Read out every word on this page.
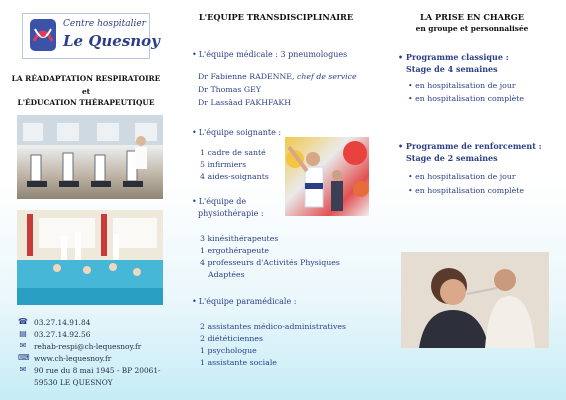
Centre hospitalier
Le Quesnoy
LA RÉADAPTATION RESPIRATOIRE
et
L'ÉDUCATION THÉRAPEUTIQUE
☎ 03.27.14.91.84
▤ 03.27.14.92.56
✉ rehab-respi@ch-lequesnoy.fr
⌨ www.ch-lequesnoy.fr
✉ 90 rue du 8 mai 1945 - BP 20061-
59530 LE QUESNOY
L'EQUIPE TRANSDISCIPLINAIRE
• L'équipe médicale : 3 pneumologues
Dr Fabienne RADENNE, chef de service
Dr Thomas GEY
Dr Lassâad FAKHFAKH
• L'équipe soignante :
1 cadre de santé
5 infirmiers
4 aides-soignants
• L'équipe de
physiothérapie :
3 kinésithérapeutes
1 ergothérapeute
4 professeurs d'Activités Physiques
Adaptées
• L'équipe paramédicale :
2 assistantes médico-administratives
2 diététiciennes
1 psychologue
1 assistante sociale
LA PRISE EN CHARGE
en groupe et personnalisée
• Programme classique :
Stage de 4 semaines
• en hospitalisation de jour
• en hospitalisation complète
• Programme de renforcement :
Stage de 2 semaines
• en hospitalisation de jour
• en hospitalisation complète
